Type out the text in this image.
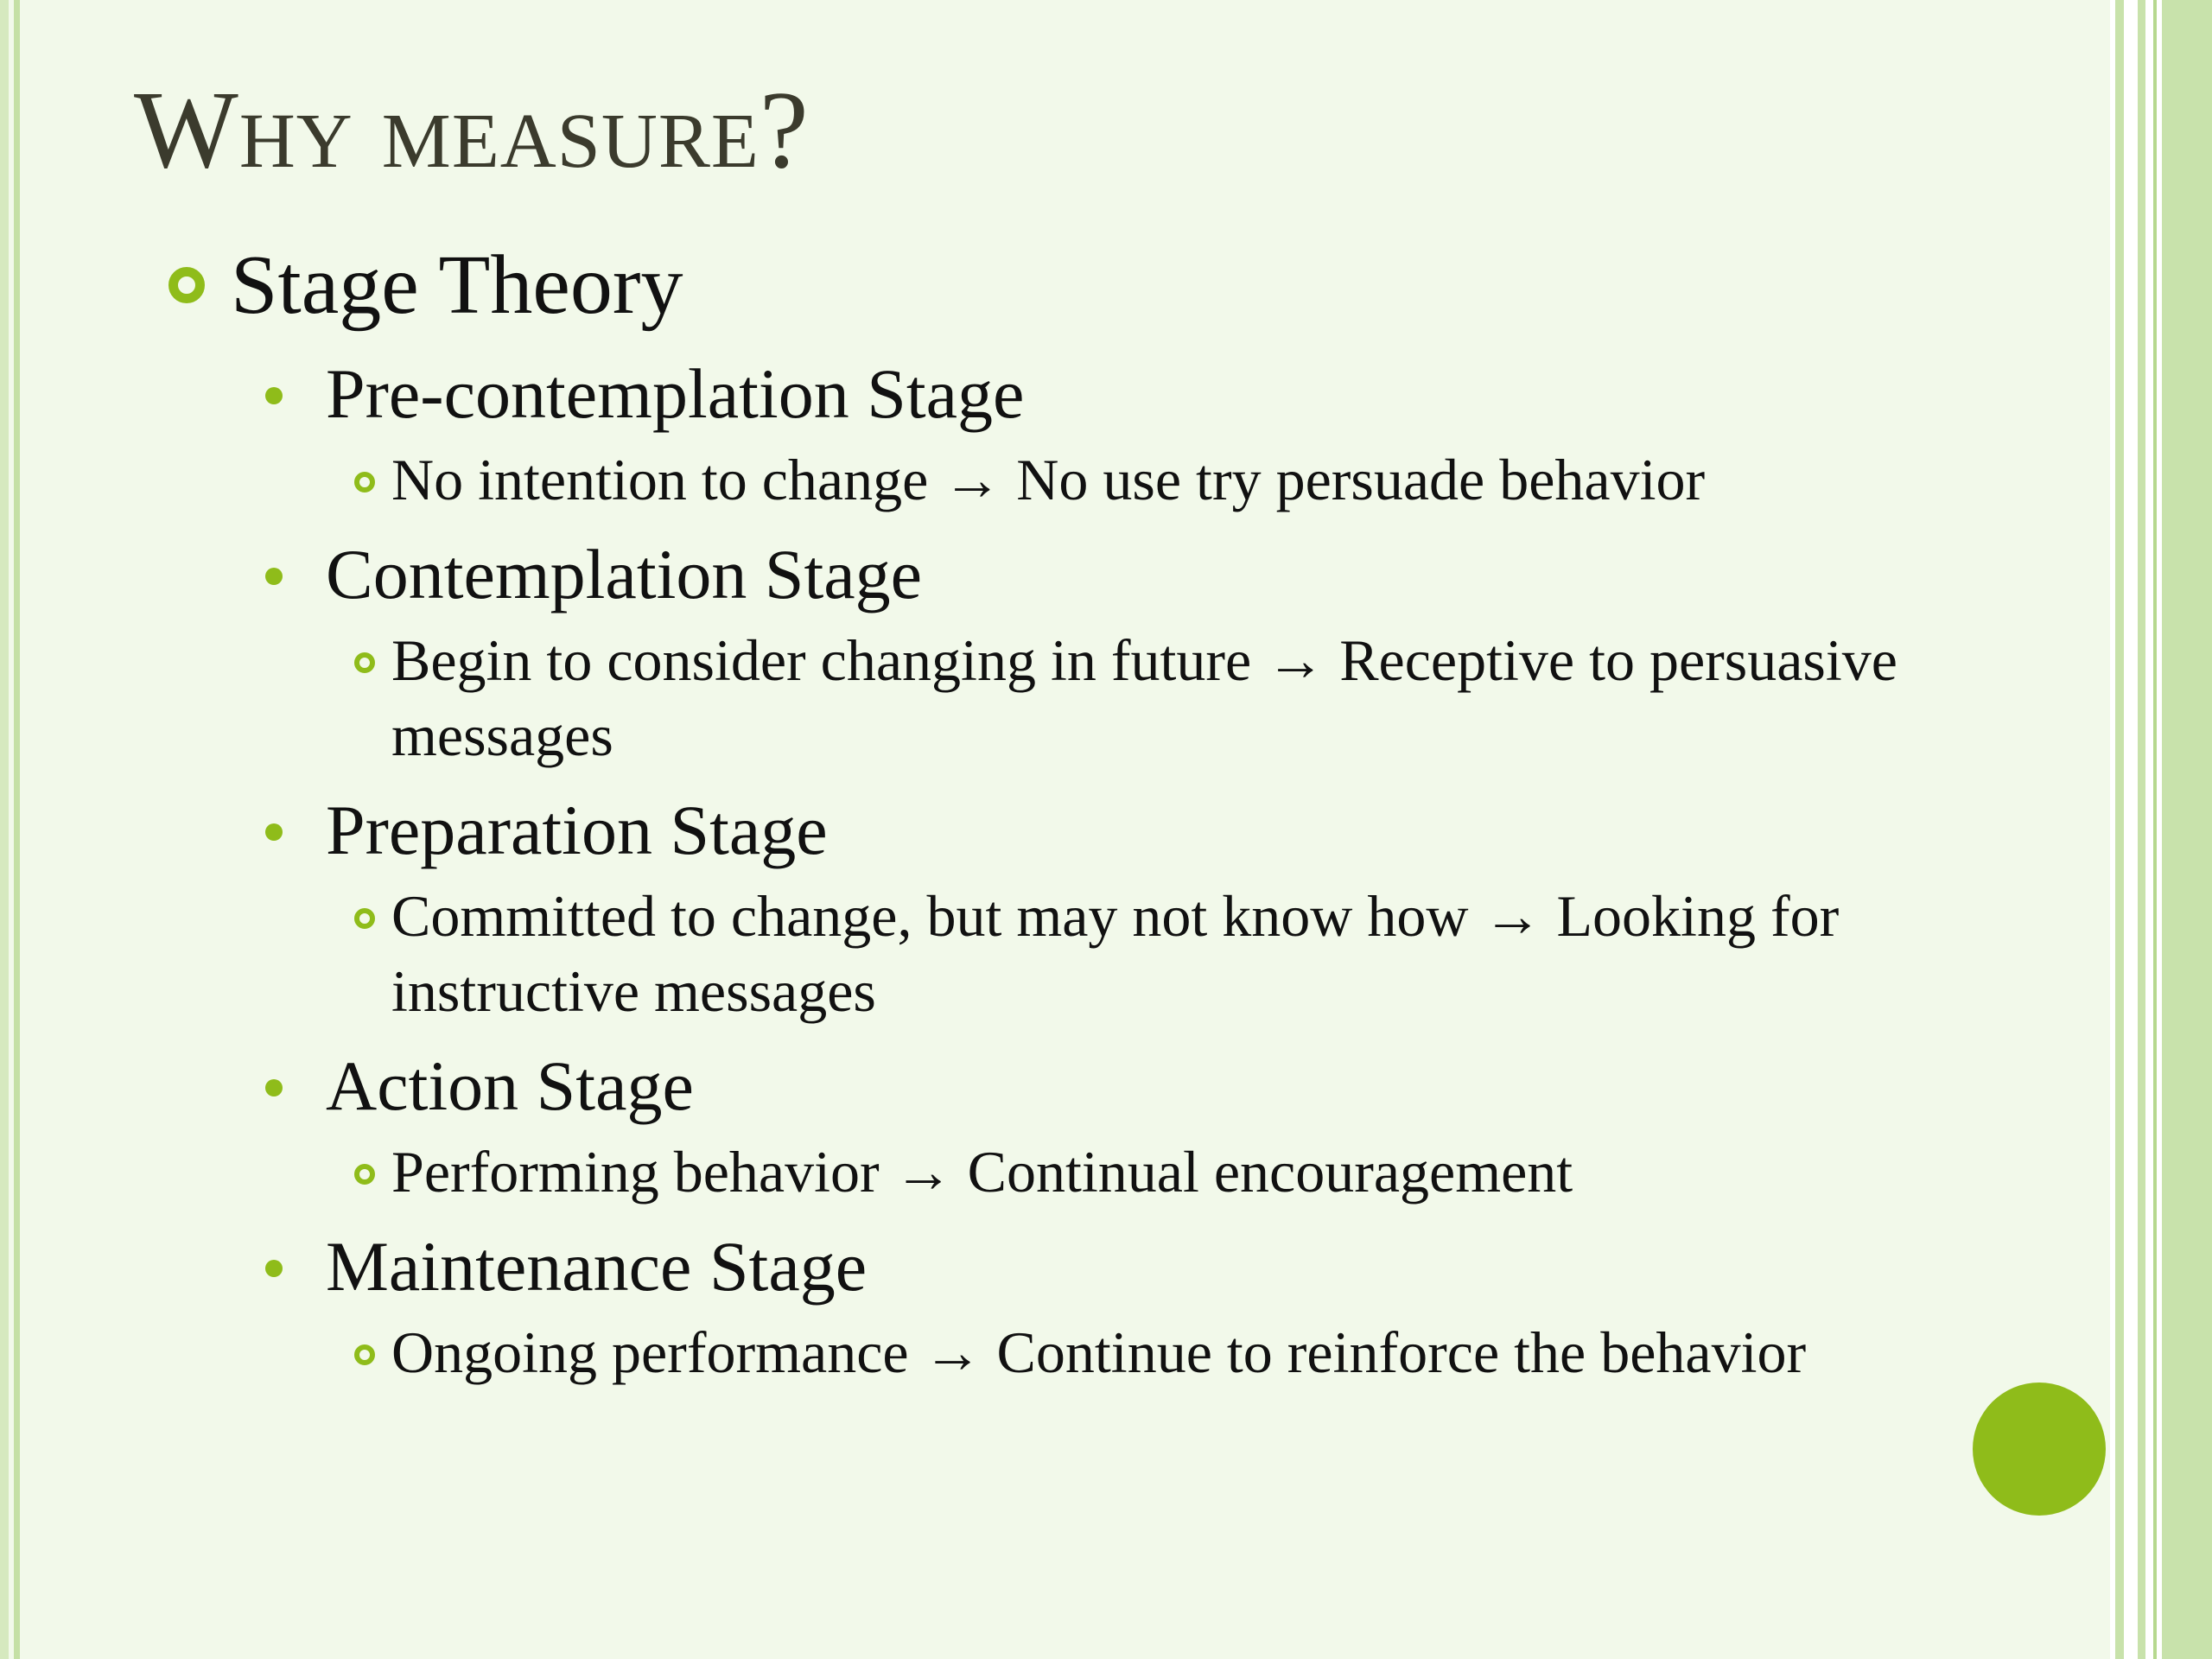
Why measure?
Stage Theory
Pre-contemplation Stage
No intention to change → No use try persuade behavior
Contemplation Stage
Begin to consider changing in future → Receptive to persuasive messages
Preparation Stage
Committed to change, but may not know how → Looking for instructive messages
Action Stage
Performing behavior → Continual encouragement
Maintenance Stage
Ongoing performance → Continue to reinforce the behavior
